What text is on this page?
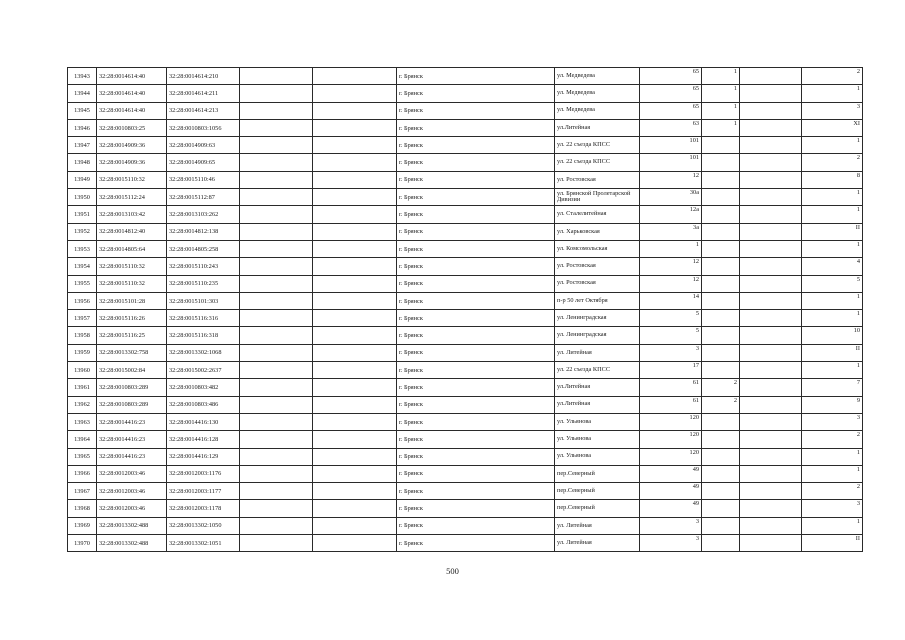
13943	32:28:0014614:40	32:28:0014614:210			г. Брянск	ул. Медведева	65	1		2
13944	32:28:0014614:40	32:28:0014614:211			г. Брянск	ул. Медведева	65	1		1
13945	32:28:0014614:40	32:28:0014614:213			г. Брянск	ул. Медведева	65	1		3
13946	32:28:0010803:25	32:28:0010803:1056			г. Брянск	ул.Литейная	63	1		XI
13947	32:28:0014909:36	32:28:0014909:63			г. Брянск	ул. 22 съезда КПСС	101			1
13948	32:28:0014909:36	32:28:0014909:65			г. Брянск	ул. 22 съезда КПСС	101			2
13949	32:28:0015110:32	32:28:0015110:46			г. Брянск	ул. Ростовская	12			8
13950	32:28:0015112:24	32:28:0015112:87			г. Брянск	ул. Брянской Пролетарской Дивизии	30а			1
13951	32:28:0013103:42	32:28:0013103:262			г. Брянск	ул. Сталелитейная	12а			1
13952	32:28:0014812:40	32:28:0014812:138			г. Брянск	ул. Харьковская	3а			II
13953	32:28:0014805:64	32:28:0014805:258			г. Брянск	ул. Комсомольская	1			1
13954	32:28:0015110:32	32:28:0015110:243			г. Брянск	ул. Ростовская	12			4
13955	32:28:0015110:32	32:28:0015110:235			г. Брянск	ул. Ростовская	12			5
13956	32:28:0015101:28	32:28:0015101:303			г. Брянск	п-р 50 лет Октября	14			1
13957	32:28:0015116:26	32:28:0015116:316			г. Брянск	ул. Ленинградская	5			1
13958	32:28:0015116:25	32:28:0015116:318			г. Брянск	ул. Ленинградская	5			10
13959	32:28:0013302:758	32:28:0013302:1068			г. Брянск	ул. Литейная	3			II
13960	32:28:0015002:84	32:28:0015002:2637			г. Брянск	ул. 22 съезда КПСС	17			1
13961	32:28:0010803:289	32:28:0010803:482			г. Брянск	ул.Литейная	61	2		7
13962	32:28:0010803:289	32:28:0010803:486			г. Брянск	ул.Литейная	61	2		9
13963	32:28:0014416:23	32:28:0014416:130			г. Брянск	ул. Ульянова	120			3
13964	32:28:0014416:23	32:28:0014416:128			г. Брянск	ул. Ульянова	120			2
13965	32:28:0014416:23	32:28:0014416:129			г. Брянск	ул. Ульянова	120			1
13966	32:28:0012003:46	32:28:0012003:1176			г. Брянск	пер.Северный	49			1
13967	32:28:0012003:46	32:28:0012003:1177			г. Брянск	пер.Северный	49			2
13968	32:28:0012003:46	32:28:0012003:1178			г. Брянск	пер.Северный	49			3
13969	32:28:0013302:488	32:28:0013302:1050			г. Брянск	ул. Литейная	3			1
13970	32:28:0013302:488	32:28:0013302:1051			г. Брянск	ул. Литейная	3			II
500
